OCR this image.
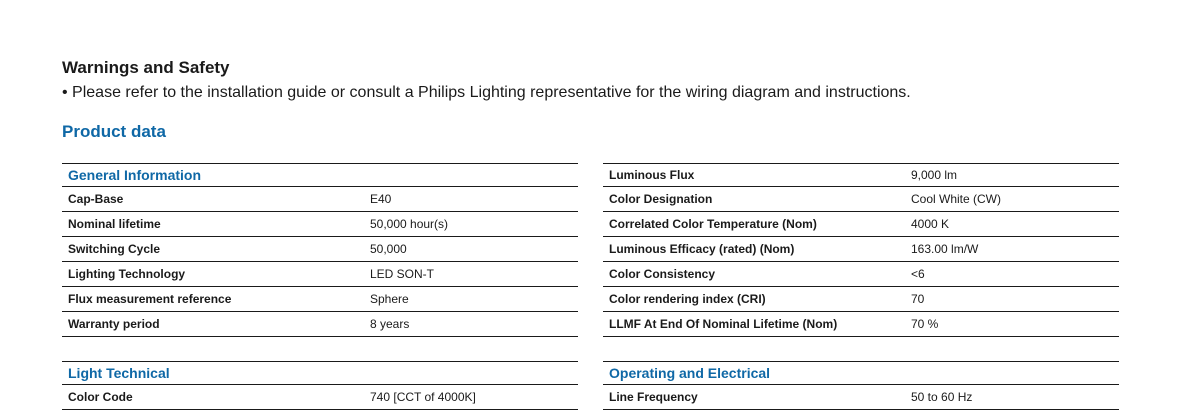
Warnings and Safety
• Please refer to the installation guide or consult a Philips Lighting representative for the wiring diagram and instructions.
Product data
General Information
Cap-Base	E40
Nominal lifetime	50,000 hour(s)
Switching Cycle	50,000
Lighting Technology	LED SON-T
Flux measurement reference	Sphere
Warranty period	8 years
Light Technical
Color Code	740 [CCT of 4000K]
Luminous Flux	9,000 lm
Color Designation	Cool White (CW)
Correlated Color Temperature (Nom)	4000 K
Luminous Efficacy (rated) (Nom)	163.00 lm/W
Color Consistency	<6
Color rendering index (CRI)	70
LLMF At End Of Nominal Lifetime (Nom)	70 %
Operating and Electrical
Line Frequency	50 to 60 Hz
